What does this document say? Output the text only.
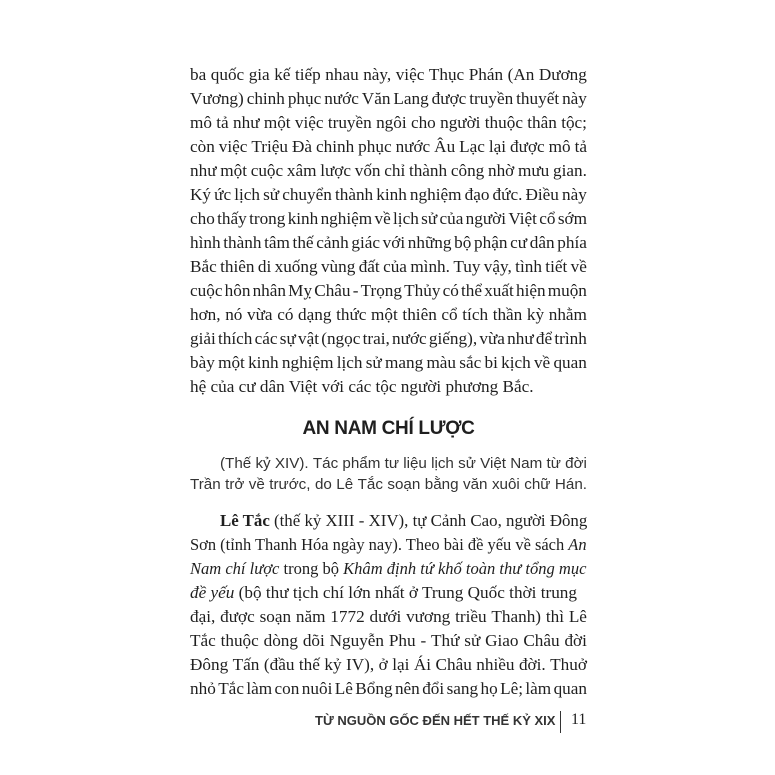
ba quốc gia kế tiếp nhau này, việc Thục Phán (An Dương
Vương) chinh phục nước Văn Lang được truyền thuyết này
mô tả như một việc truyền ngôi cho người thuộc thân tộc;
còn việc Triệu Đà chinh phục nước Âu Lạc lại được mô tả
như một cuộc xâm lược vốn chỉ thành công nhờ mưu gian.
Ký ức lịch sử chuyển thành kinh nghiệm đạo đức. Điều này
cho thấy trong kinh nghiệm về lịch sử của người Việt cổ sớm
hình thành tâm thế cảnh giác với những bộ phận cư dân phía
Bắc thiên di xuống vùng đất của mình. Tuy vậy, tình tiết về
cuộc hôn nhân Mỵ Châu - Trọng Thủy có thể xuất hiện muộn
hơn, nó vừa có dạng thức một thiên cổ tích thần kỳ nhằm
giải thích các sự vật (ngọc trai, nước giếng), vừa như để trình
bày một kinh nghiệm lịch sử mang màu sắc bi kịch về quan
hệ của cư dân Việt với các tộc người phương Bắc.
AN NAM CHÍ LƯỢC
(Thế kỷ XIV). Tác phẩm tư liệu lịch sử Việt Nam từ đời
Trần trở về trước, do Lê Tắc soạn bằng văn xuôi chữ Hán.
Lê Tắc (thế kỷ XIII - XIV), tự Cảnh Cao, người Đông
Sơn (tỉnh Thanh Hóa ngày nay). Theo bài đề yếu về sách An
Nam chí lược trong bộ Khâm định tứ khố toàn thư tổng mục
đề yếu (bộ thư tịch chí lớn nhất ở Trung Quốc thời trung
đại, được soạn năm 1772 dưới vương triều Thanh) thì Lê
Tắc thuộc dòng dõi Nguyễn Phu - Thứ sử Giao Châu đời
Đông Tấn (đầu thế kỷ IV), ở lại Ái Châu nhiều đời. Thuở
nhỏ Tắc làm con nuôi Lê Bổng nên đổi sang họ Lê; làm quan
TỪ NGUỒN GỐC ĐẾN HẾT THẾ KỶ XIX 11
